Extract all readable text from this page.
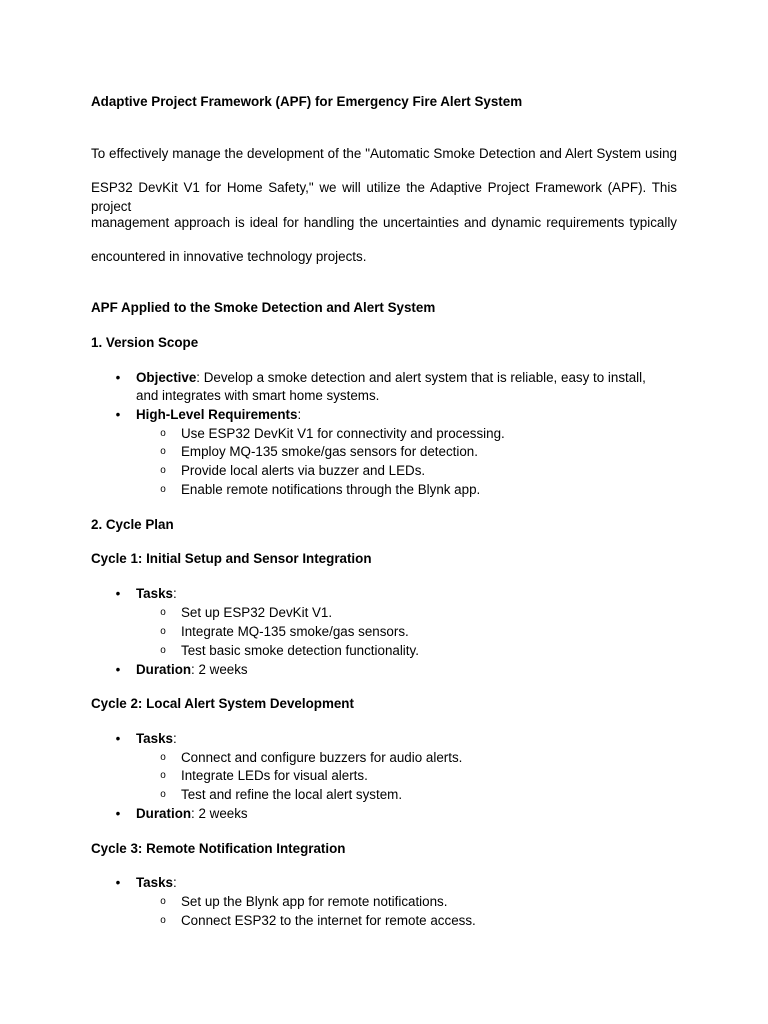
Adaptive Project Framework (APF) for Emergency Fire Alert System
To effectively manage the development of the "Automatic Smoke Detection and Alert System using
ESP32 DevKit V1 for Home Safety," we will utilize the Adaptive Project Framework (APF). This project
management approach is ideal for handling the uncertainties and dynamic requirements typically
encountered in innovative technology projects.
APF Applied to the Smoke Detection and Alert System
1. Version Scope
• Objective: Develop a smoke detection and alert system that is reliable, easy to install,
and integrates with smart home systems.
• High-Level Requirements:
o Use ESP32 DevKit V1 for connectivity and processing.
o Employ MQ-135 smoke/gas sensors for detection.
o Provide local alerts via buzzer and LEDs.
o Enable remote notifications through the Blynk app.
2. Cycle Plan
Cycle 1: Initial Setup and Sensor Integration
• Tasks:
o Set up ESP32 DevKit V1.
o Integrate MQ-135 smoke/gas sensors.
o Test basic smoke detection functionality.
• Duration: 2 weeks
Cycle 2: Local Alert System Development
• Tasks:
o Connect and configure buzzers for audio alerts.
o Integrate LEDs for visual alerts.
o Test and refine the local alert system.
• Duration: 2 weeks
Cycle 3: Remote Notification Integration
• Tasks:
o Set up the Blynk app for remote notifications.
o Connect ESP32 to the internet for remote access.
